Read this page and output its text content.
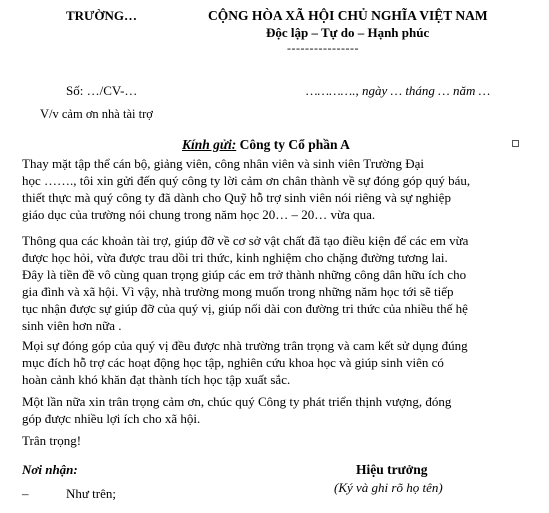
TRƯỜNG…	CỘNG HÒA XÃ HỘI CHỦ NGHĨA VIỆT NAM
Độc lập – Tự do – Hạnh phúc
----------------
Số: …/CV-…	…………., ngày … tháng … năm …
V/v cảm ơn nhà tài trợ
Kính gửi: Công ty Cổ phần A

Thay mặt tập thể cán bộ, giảng viên, công nhân viên và sinh viên Trường Đại
học ……., tôi xin gửi đến quý công ty lời cảm ơn chân thành về sự đóng góp quý báu,
thiết thực mà quý công ty đã dành cho Quỹ hỗ trợ sinh viên nói riêng và sự nghiệp
giáo dục của trường nói chung trong năm học 20… – 20… vừa qua.

Thông qua các khoản tài trợ, giúp đỡ về cơ sở vật chất đã tạo điều kiện để các em vừa
được học hỏi, vừa được trau dồi tri thức, kinh nghiệm cho chặng đường tương lai.
Đây là tiền đề vô cùng quan trọng giúp các em trở thành những công dân hữu ích cho
gia đình và xã hội. Vì vậy, nhà trường mong muốn trong những năm học tới sẽ tiếp
tục nhận được sự giúp đỡ của quý vị, giúp nối dài con đường tri thức của nhiều thế hệ
sinh viên hơn nữa .

Mọi sự đóng góp của quý vị đều được nhà trường trân trọng và cam kết sử dụng đúng
mục đích hỗ trợ các hoạt động học tập, nghiên cứu khoa học và giúp sinh viên có
hoàn cảnh khó khăn đạt thành tích học tập xuất sắc.

Một lần nữa xin trân trọng cảm ơn, chúc quý Công ty phát triển thịnh vượng, đóng
góp được nhiều lợi ích cho xã hội.

Trân trọng!
Nơi nhận:
–	Như trên;
Hiệu trưởng
(Ký và ghi rõ họ tên)
